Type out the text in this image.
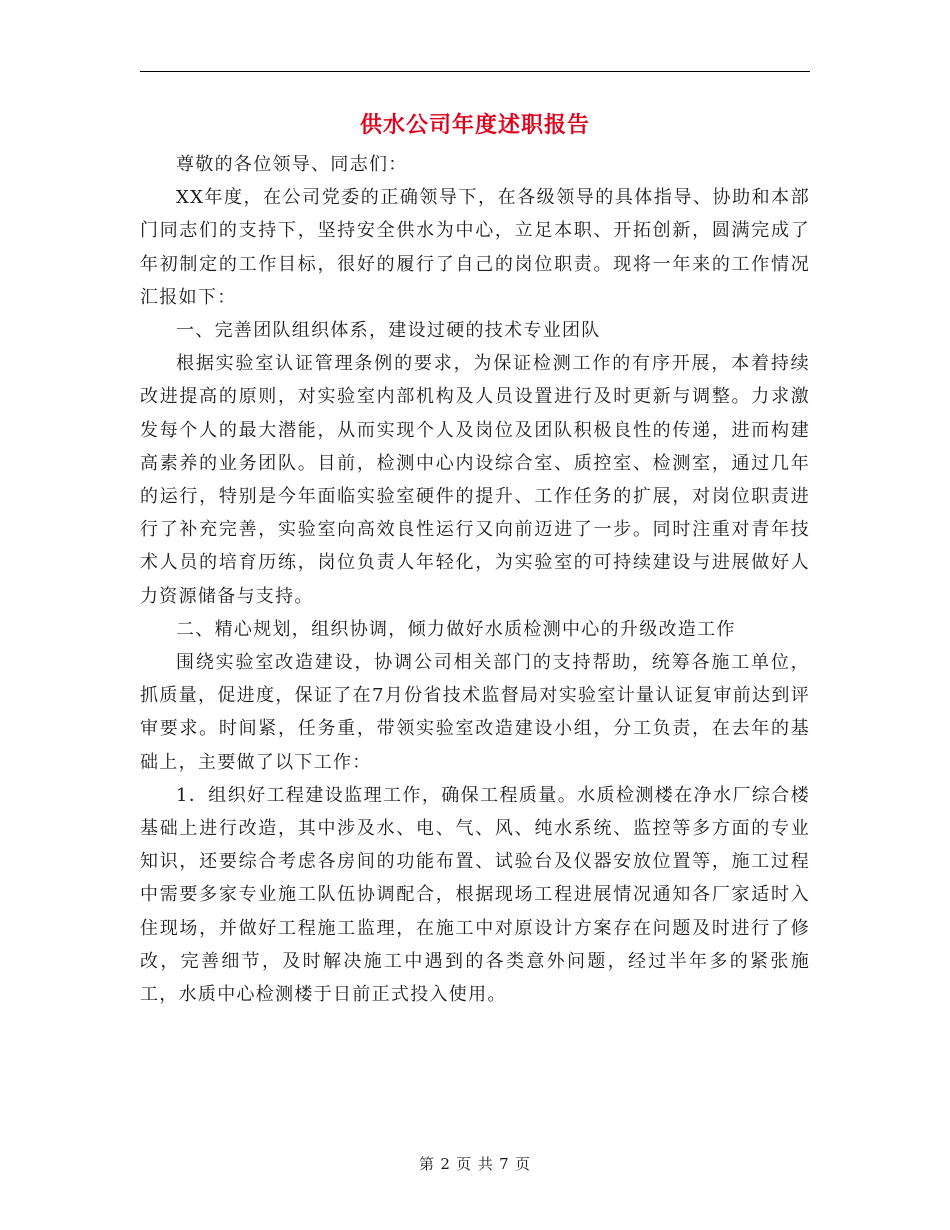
供水公司年度述职报告

尊敬的各位领导、同志们：

XX年度，在公司党委的正确领导下，在各级领导的具体指导、协助和本部门同志们的支持下，坚持安全供水为中心，立足本职、开拓创新，圆满完成了年初制定的工作目标，很好的履行了自己的岗位职责。现将一年来的工作情况汇报如下：

一、完善团队组织体系，建设过硬的技术专业团队

根据实验室认证管理条例的要求，为保证检测工作的有序开展，本着持续改进提高的原则，对实验室内部机构及人员设置进行及时更新与调整。力求激发每个人的最大潜能，从而实现个人及岗位及团队积极良性的传递，进而构建高素养的业务团队。目前，检测中心内设综合室、质控室、检测室，通过几年的运行，特别是今年面临实验室硬件的提升、工作任务的扩展，对岗位职责进行了补充完善，实验室向高效良性运行又向前迈进了一步。同时注重对青年技术人员的培育历练，岗位负责人年轻化，为实验室的可持续建设与进展做好人力资源储备与支持。

二、精心规划，组织协调，倾力做好水质检测中心的升级改造工作

围绕实验室改造建设，协调公司相关部门的支持帮助，统筹各施工单位，抓质量，促进度，保证了在7月份省技术监督局对实验室计量认证复审前达到评审要求。时间紧，任务重，带领实验室改造建设小组，分工负责，在去年的基础上，主要做了以下工作：

1．组织好工程建设监理工作，确保工程质量。水质检测楼在净水厂综合楼基础上进行改造，其中涉及水、电、气、风、纯水系统、监控等多方面的专业知识，还要综合考虑各房间的功能布置、试验台及仪器安放位置等，施工过程中需要多家专业施工队伍协调配合，根据现场工程进展情况通知各厂家适时入住现场，并做好工程施工监理，在施工中对原设计方案存在问题及时进行了修改，完善细节，及时解决施工中遇到的各类意外问题，经过半年多的紧张施工，水质中心检测楼于日前正式投入使用。

第 2 页 共 7 页
